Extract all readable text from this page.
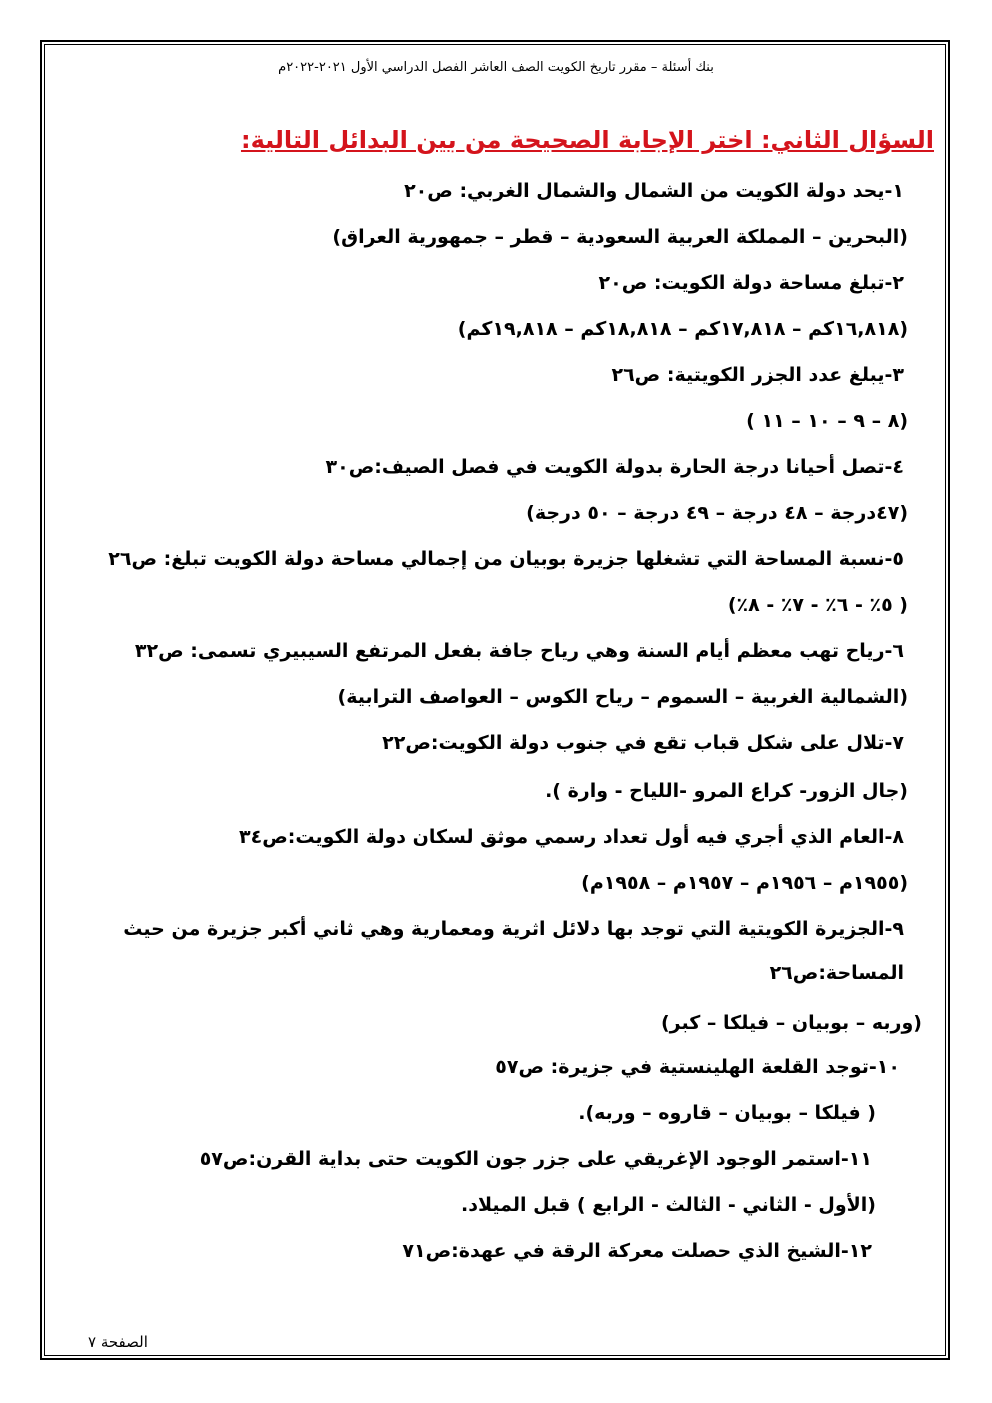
بنك أسئلة – مقرر تاريخ الكويت الصف العاشر الفصل الدراسي الأول ٢٠٢١-٢٠٢٢م
السؤال الثاني: اختر الإجابة الصحيحة من بين البدائل التالية:
١-يحد دولة الكويت من الشمال والشمال الغربي: ص٢٠
(البحرين – المملكة العربية السعودية – قطر – جمهورية العراق)
٢-تبلغ مساحة دولة الكويت: ص٢٠
(١٦,٨١٨كم – ١٧,٨١٨كم – ١٨,٨١٨كم – ١٩,٨١٨كم)
٣-يبلغ عدد الجزر الكويتية: ص٢٦
(٨ – ٩ – ١٠ – ١١ )
٤-تصل أحيانا درجة الحارة بدولة الكويت في فصل الصيف:ص٣٠
(٤٧درجة – ٤٨ درجة – ٤٩ درجة – ٥٠ درجة)
٥-نسبة المساحة التي تشغلها جزيرة بوبيان من إجمالي مساحة دولة الكويت تبلغ: ص٢٦
( ٥٪ - ٦٪ - ٧٪ - ٨٪)
٦-رياح تهب معظم أيام السنة وهي رياح جافة بفعل المرتفع السيبيري تسمى: ص٣٢
(الشمالية الغربية – السموم – رياح الكوس – العواصف الترابية)
٧-تلال على شكل قباب تقع في جنوب دولة الكويت:ص٢٢
(جال الزور- كراع المرو -اللياح - وارة ).
٨-العام الذي أجري فيه أول تعداد رسمي موثق لسكان دولة الكويت:ص٣٤
(١٩٥٥م – ١٩٥٦م – ١٩٥٧م – ١٩٥٨م)
٩-الجزيرة الكويتية التي توجد بها دلائل اثرية ومعمارية وهي ثاني أكبر جزيرة من حيث
المساحة:ص٢٦
(وربه – بوبيان – فيلكا – كبر)
١٠-توجد القلعة الهلينستية في جزيرة: ص٥٧
( فيلكا – بوبيان – قاروه – وربه).
١١-استمر الوجود الإغريقي على جزر جون الكويت حتى بداية القرن:ص٥٧
(الأول - الثاني - الثالث - الرابع ) قبل الميلاد.
١٢-الشيخ الذي حصلت معركة الرقة في عهدة:ص٧١
الصفحة ٧
